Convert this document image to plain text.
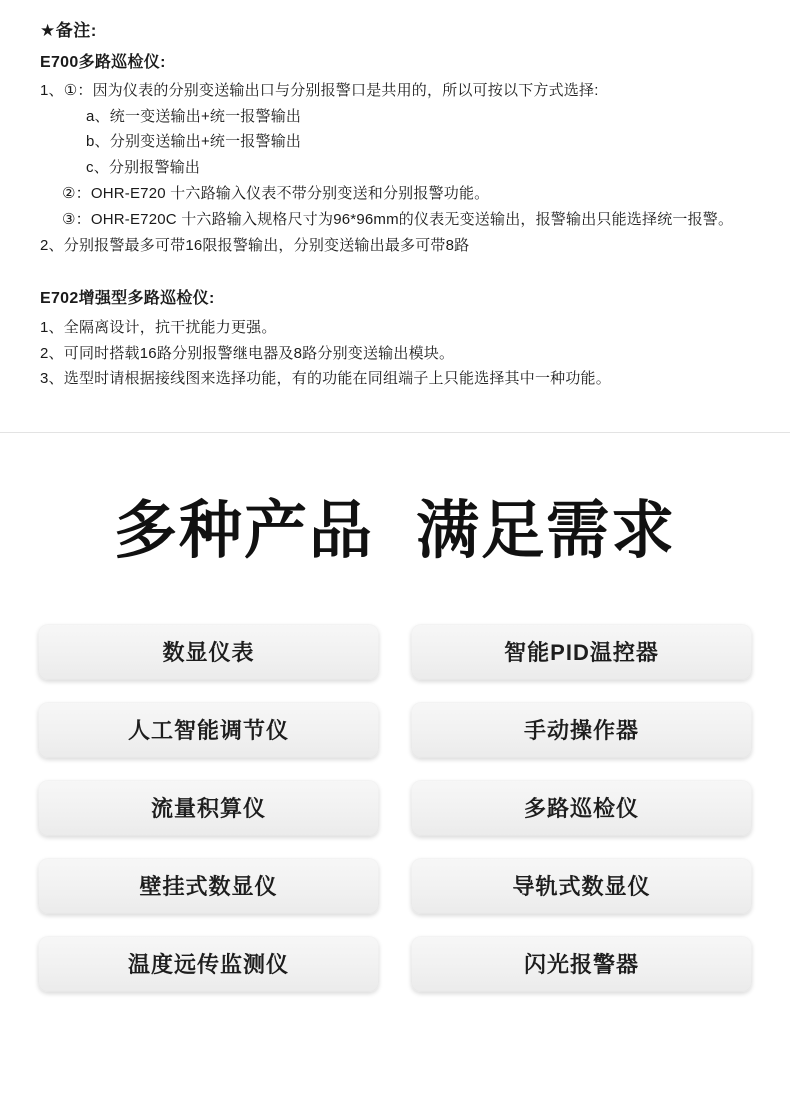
★备注:

E700多路巡检仪:

1、①：因为仪表的分别变送输出口与分别报警口是共用的，所以可按以下方式选择:

a、统一变送输出+统一报警输出

b、分别变送输出+统一报警输出

c、分别报警输出

②：OHR-E720 十六路输入仪表不带分别变送和分别报警功能。

③：OHR-E720C 十六路输入规格尺寸为96*96mm的仪表无变送输出，报警输出只能选择统一报警。

2、分别报警最多可带16限报警输出，分别变送输出最多可带8路

E702增强型多路巡检仪:

1、全隔离设计，抗干扰能力更强。

2、可同时搭载16路分别报警继电器及8路分别变送输出模块。

3、选型时请根据接线图来选择功能，有的功能在同组端子上只能选择其中一种功能。

多种产品 满足需求
数显仪表	智能PID温控器
人工智能调节仪	手动操作器
流量积算仪	多路巡检仪
壁挂式数显仪	导轨式数显仪
温度远传监测仪	闪光报警器
